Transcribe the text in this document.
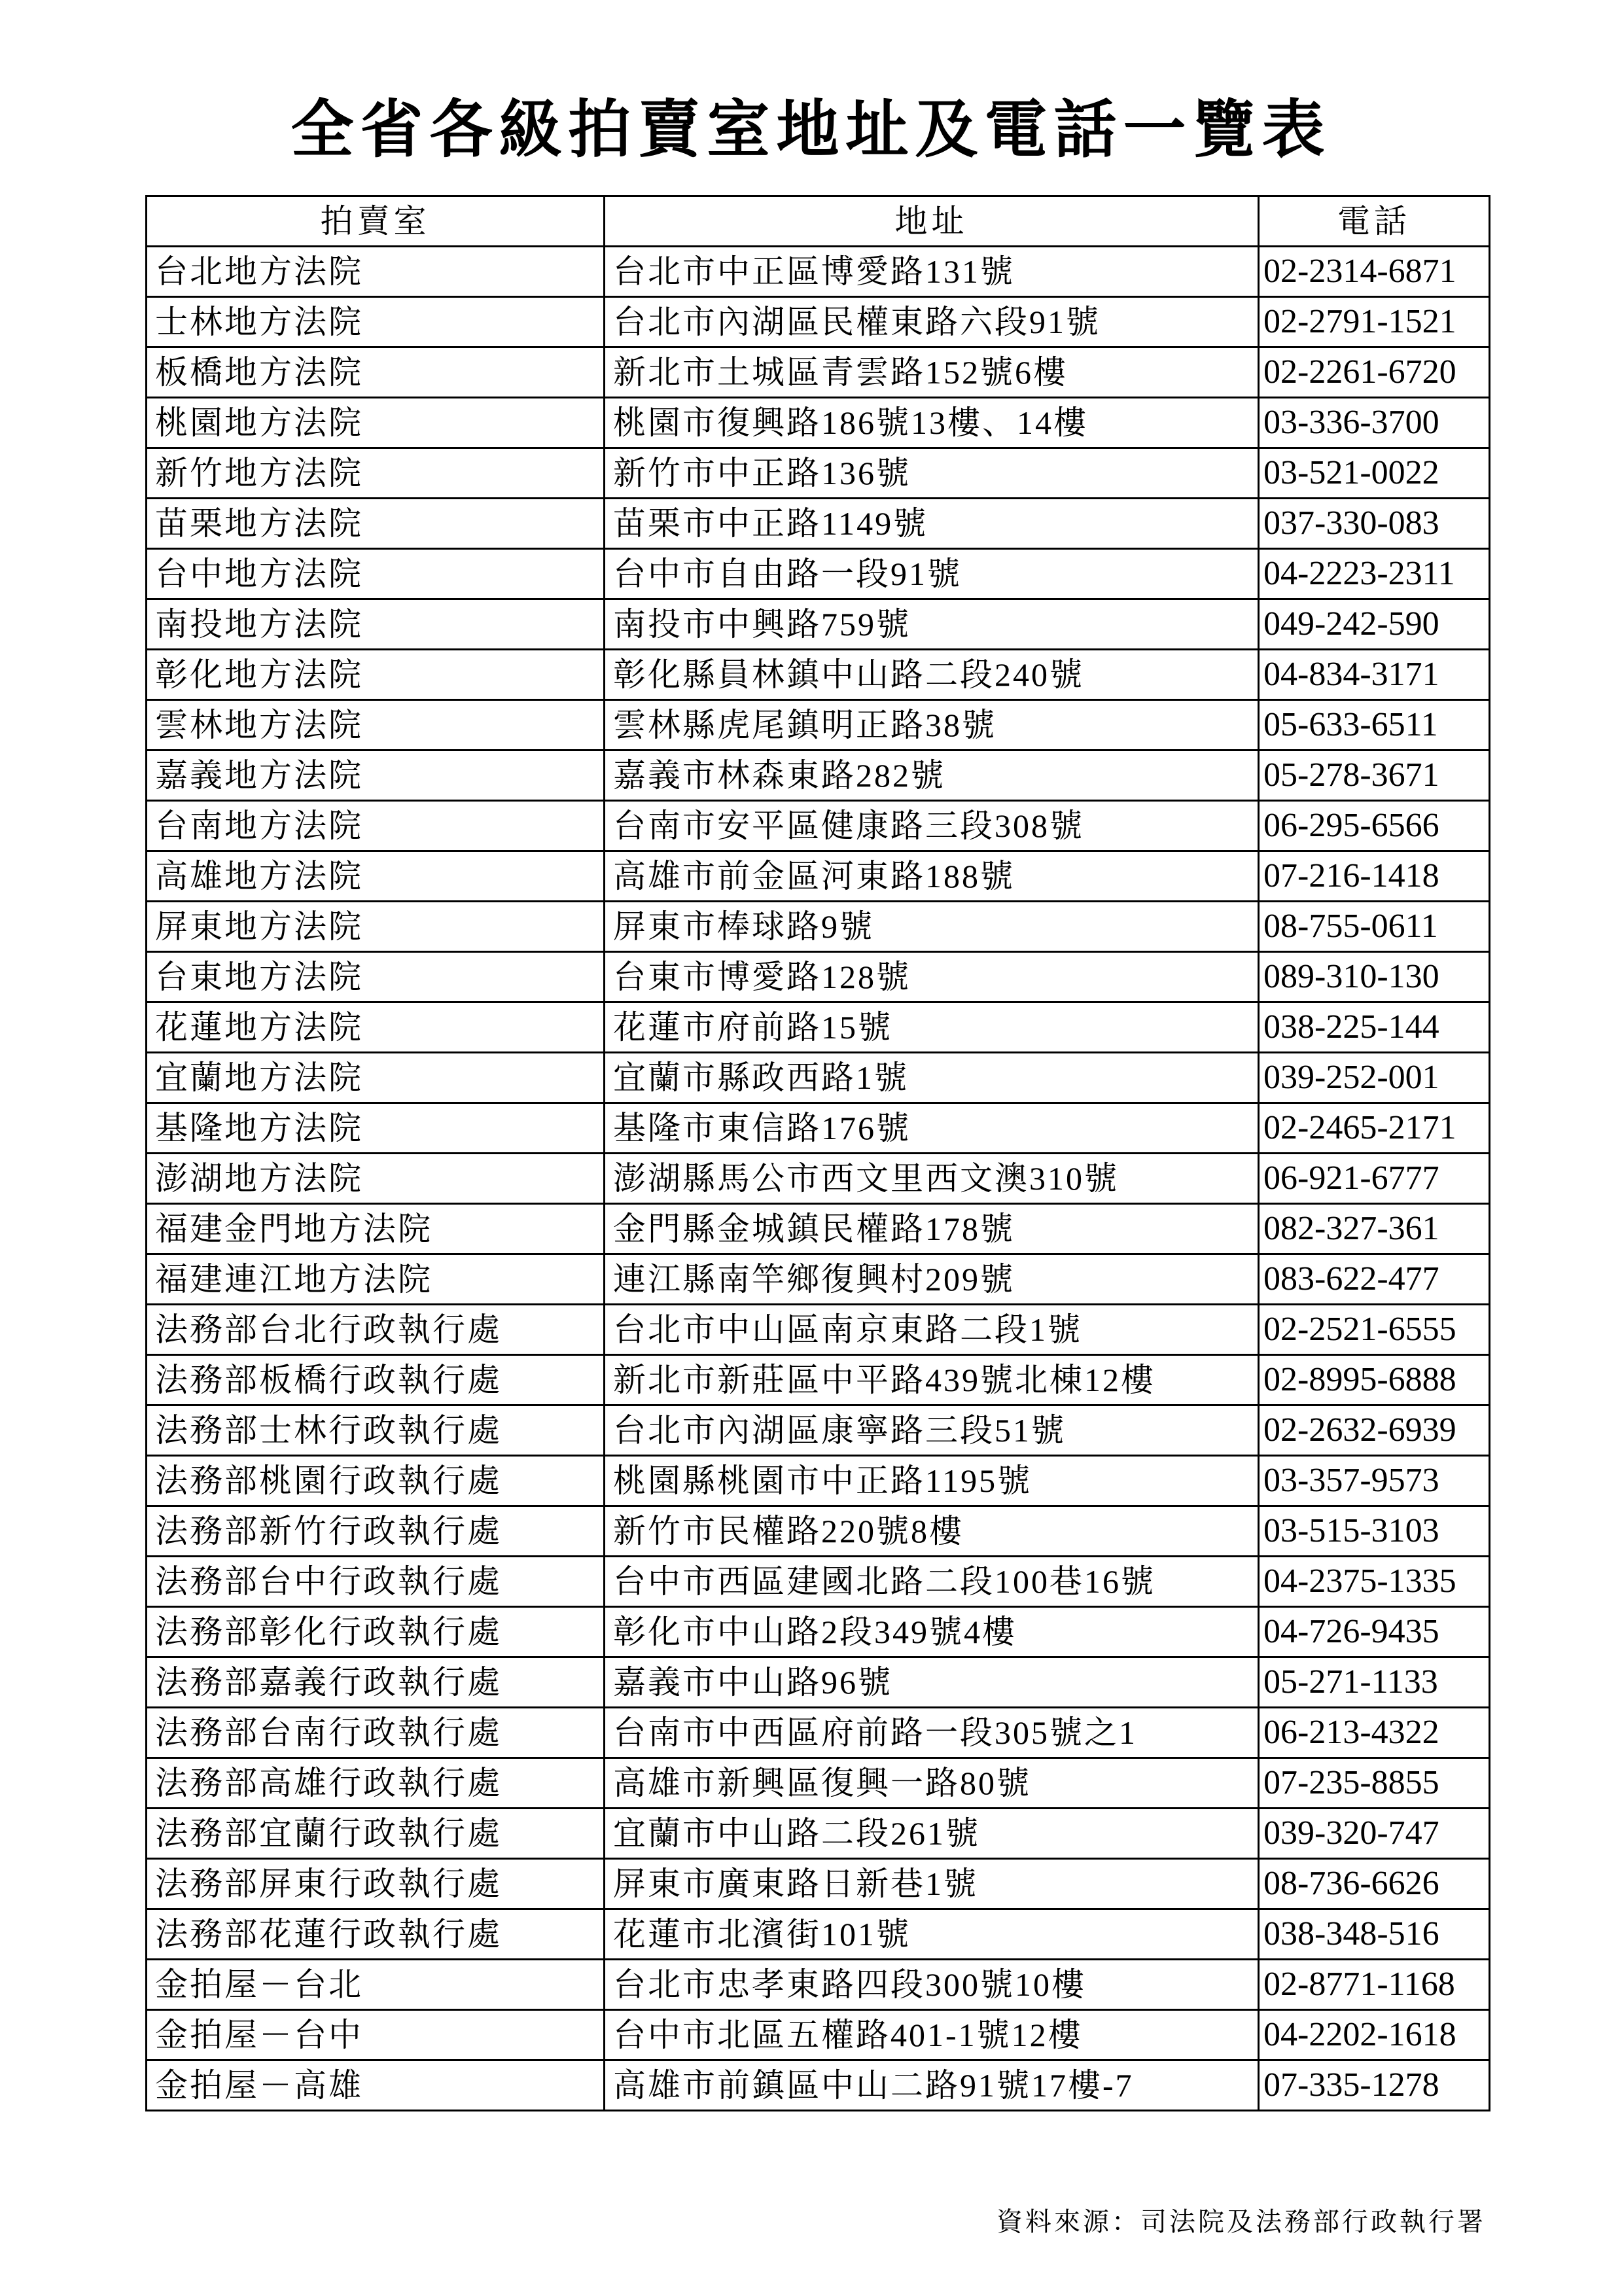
全省各級拍賣室地址及電話一覽表
拍賣室	地址	電話
台北地方法院	台北市中正區博愛路131號	02-2314-6871
士林地方法院	台北市內湖區民權東路六段91號	02-2791-1521
板橋地方法院	新北市土城區青雲路152號6樓	02-2261-6720
桃園地方法院	桃園市復興路186號13樓、14樓	03-336-3700
新竹地方法院	新竹市中正路136號	03-521-0022
苗栗地方法院	苗栗市中正路1149號	037-330-083
台中地方法院	台中市自由路一段91號	04-2223-2311
南投地方法院	南投市中興路759號	049-242-590
彰化地方法院	彰化縣員林鎮中山路二段240號	04-834-3171
雲林地方法院	雲林縣虎尾鎮明正路38號	05-633-6511
嘉義地方法院	嘉義市林森東路282號	05-278-3671
台南地方法院	台南市安平區健康路三段308號	06-295-6566
高雄地方法院	高雄市前金區河東路188號	07-216-1418
屏東地方法院	屏東市棒球路9號	08-755-0611
台東地方法院	台東市博愛路128號	089-310-130
花蓮地方法院	花蓮市府前路15號	038-225-144
宜蘭地方法院	宜蘭市縣政西路1號	039-252-001
基隆地方法院	基隆市東信路176號	02-2465-2171
澎湖地方法院	澎湖縣馬公市西文里西文澳310號	06-921-6777
福建金門地方法院	金門縣金城鎮民權路178號	082-327-361
福建連江地方法院	連江縣南竿鄉復興村209號	083-622-477
法務部台北行政執行處	台北市中山區南京東路二段1號	02-2521-6555
法務部板橋行政執行處	新北市新莊區中平路439號北棟12樓	02-8995-6888
法務部士林行政執行處	台北市內湖區康寧路三段51號	02-2632-6939
法務部桃園行政執行處	桃園縣桃園市中正路1195號	03-357-9573
法務部新竹行政執行處	新竹市民權路220號8樓	03-515-3103
法務部台中行政執行處	台中市西區建國北路二段100巷16號	04-2375-1335
法務部彰化行政執行處	彰化市中山路2段349號4樓	04-726-9435
法務部嘉義行政執行處	嘉義市中山路96號	05-271-1133
法務部台南行政執行處	台南市中西區府前路一段305號之1	06-213-4322
法務部高雄行政執行處	高雄市新興區復興一路80號	07-235-8855
法務部宜蘭行政執行處	宜蘭市中山路二段261號	039-320-747
法務部屏東行政執行處	屏東市廣東路日新巷1號	08-736-6626
法務部花蓮行政執行處	花蓮市北濱街101號	038-348-516
金拍屋－台北	台北市忠孝東路四段300號10樓	02-8771-1168
金拍屋－台中	台中市北區五權路401-1號12樓	04-2202-1618
金拍屋－高雄	高雄市前鎮區中山二路91號17樓-7	07-335-1278
資料來源：司法院及法務部行政執行署
